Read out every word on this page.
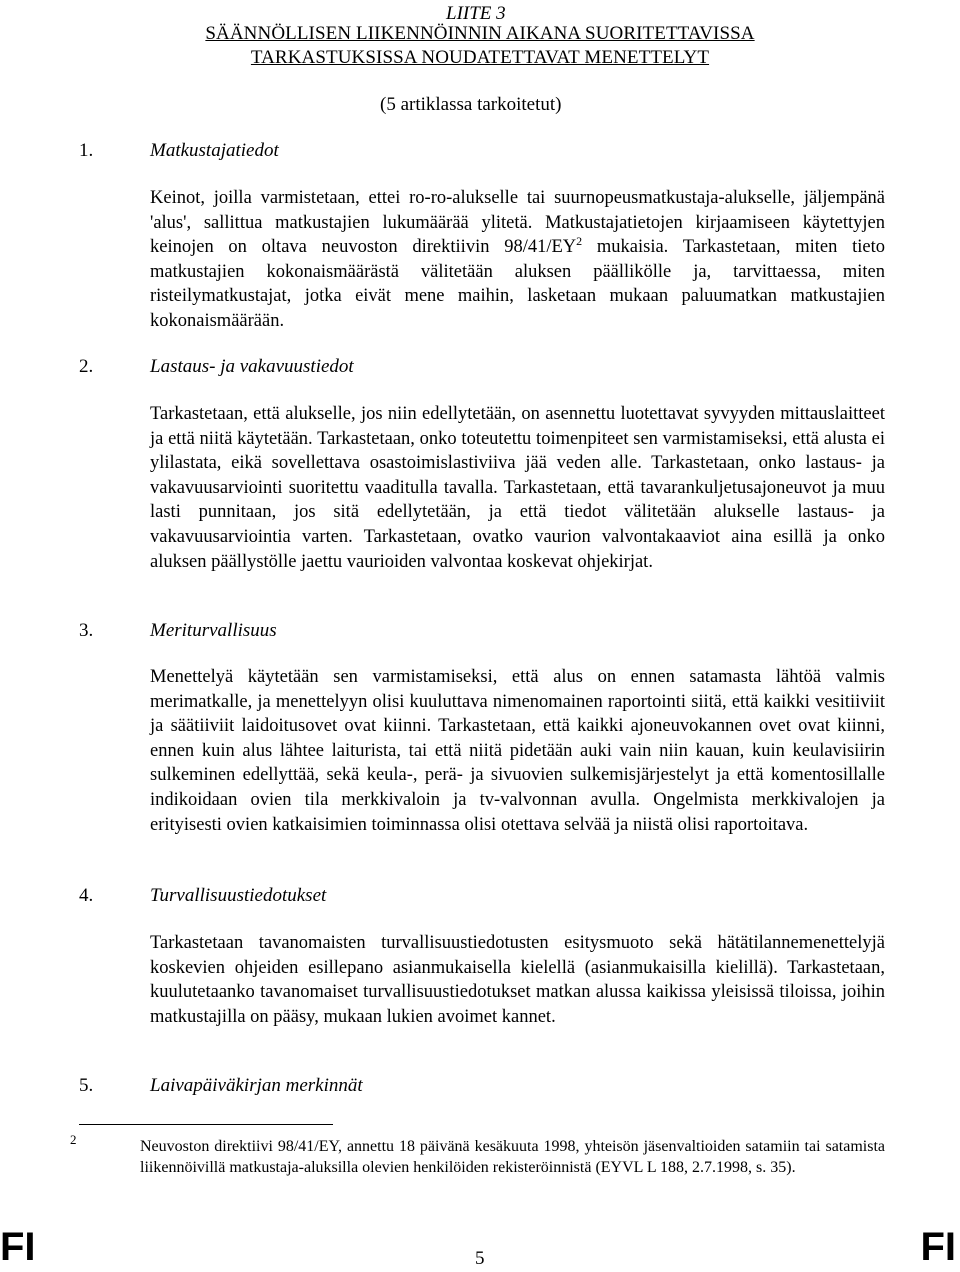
LIITE 3
SÄÄNNÖLLISEN LIIKENNÖINNIN AIKANA SUORITETTAVISSA
TARKASTUKSISSA NOUDATETTAVAT MENETTELYT
1.	Matkustajatiedot
(5 artiklassa tarkoitetut)
Keinot, joilla varmistetaan, ettei ro-ro-alukselle tai suurnopeusmatkustaja-alukselle, jäljempänä 'alus', sallittua matkustajien lukumäärää ylitetä. Matkustajatietojen kirjaamiseen käytettyjen keinojen on oltava neuvoston direktiivin $98/41/EY^2$ mukaisia. Tarkastetaan, miten tieto matkustajien kokonaismäärästä välitetään aluksen päällikölle ja, tarvittaessa, miten risteilymatkustajat, jotka eivät mene maihin, lasketaan mukaan paluumatkan matkustajien kokonaismäärään.
2.	Lastaus- ja vakavuustiedot
Tarkastetaan, että alukselle, jos niin edellytetään, on asennettu luotettavat syvyyden mittauslaitteet ja että niitä käytetään. Tarkastetaan, onko toteutettu toimenpiteet sen varmistamiseksi, että alusta ei ylilastata, eikä sovellettava osastoimislastiviiva jää veden alle. Tarkastetaan, onko lastaus- ja vakavuusarviointi suoritettu vaaditulla tavalla. Tarkastetaan, että tavarankuljetusajoneuvot ja muu lasti punnitaan, jos sitä edellytetään, ja että tiedot välitetään alukselle lastaus- ja vakavuusarviointia varten. Tarkastetaan, ovatko vaurion valvontakaaviot aina esillä ja onko aluksen päällystölle jaettu vaurioiden valvontaa koskevat ohjekirjat.
3.	Meriturvallisuus
Menettelyä käytetään sen varmistamiseksi, että alus on ennen satamasta lähtöä valmis merimatkalle, ja menettelyyn olisi kuuluttava nimenomainen raportointi siitä, että kaikki vesitiiviit ja säätiiviit laidoitusovet ovat kiinni. Tarkastetaan, että kaikki ajoneuvokannen ovet ovat kiinni, ennen kuin alus lähtee laiturista, tai että niitä pidetään auki vain niin kauan, kuin keulavisiirin sulkeminen edellyttää, sekä keula-, perä- ja sivuovien sulkemisjärjestelyt ja että komentosillalle indikoidaan ovien tila merkkivaloin ja tv-valvonnan avulla. Ongelmista merkkivalojen ja erityisesti ovien katkaisimien toiminnassa olisi otettava selvää ja niistä olisi raportoitava.
4.	Turvallisuustiedotukset
Tarkastetaan tavanomaisten turvallisuustiedotusten esitysmuoto sekä hätätilannemenettelyjä koskevien ohjeiden esillepano asianmukaisella kielellä (asianmukaisilla kielillä). Tarkastetaan, kuulutetaanko tavanomaiset turvallisuustiedotukset matkan alussa kaikissa yleisissä tiloissa, joihin matkustajilla on pääsy, mukaan lukien avoimet kannet.
5.	Laivapäiväkirjan merkinnät
2	Neuvoston direktiivi 98/41/EY, annettu 18 päivänä kesäkuuta 1998, yhteisön jäsenvaltioiden satamiin tai satamista liikennöivillä matkustaja-aluksilla olevien henkilöiden rekisteröinnistä (EYVL L 188, 2.7.1998, s. 35).
FI	5	FI
